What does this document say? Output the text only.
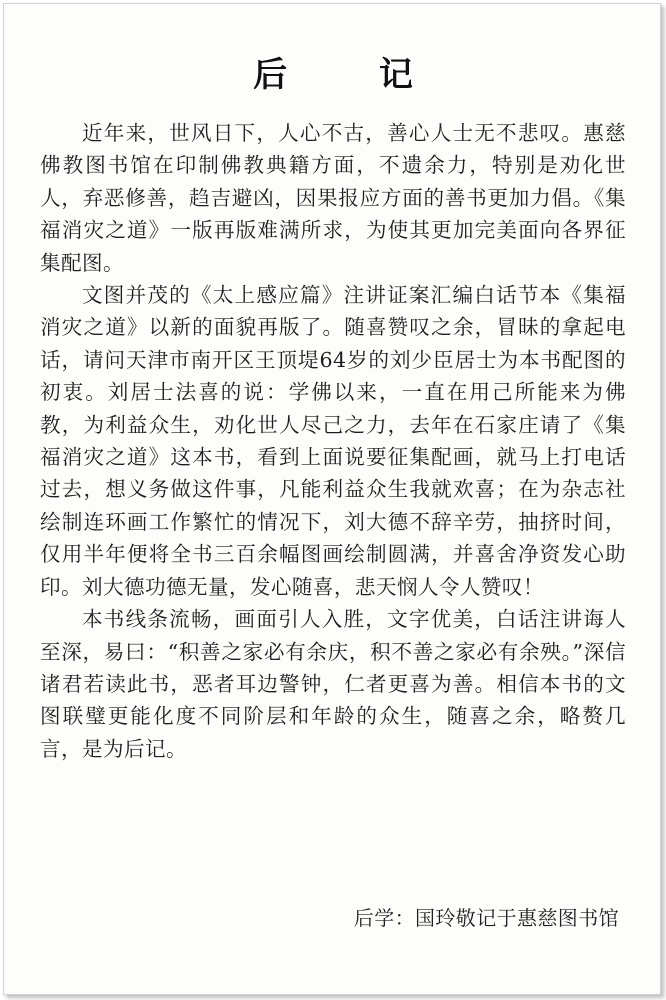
后 记

近年来，世风日下，人心不古，善心人士无不悲叹。惠慈佛教图书馆在印制佛教典籍方面，不遗余力，特别是劝化世人，弃恶修善，趋吉避凶，因果报应方面的善书更加力倡。《集福消灾之道》一版再版难满所求，为使其更加完美面向各界征集配图。

文图并茂的《太上感应篇》注讲证案汇编白话节本《集福消灾之道》以新的面貌再版了。随喜赞叹之余，冒昧的拿起电话，请问天津市南开区王顶堤64岁的刘少臣居士为本书配图的初衷。刘居士法喜的说：学佛以来，一直在用己所能来为佛教，为利益众生，劝化世人尽己之力，去年在石家庄请了《集福消灾之道》这本书，看到上面说要征集配画，就马上打电话过去，想义务做这件事，凡能利益众生我就欢喜；在为杂志社绘制连环画工作繁忙的情况下，刘大德不辞辛劳，抽挤时间，仅用半年便将全书三百余幅图画绘制圆满，并喜舍净资发心助印。刘大德功德无量，发心随喜，悲天悯人令人赞叹！

本书线条流畅，画面引人入胜，文字优美，白话注讲诲人至深，易曰：“积善之家必有余庆，积不善之家必有余殃。”深信诸君若读此书，恶者耳边警钟，仁者更喜为善。相信本书的文图联璧更能化度不同阶层和年龄的众生，随喜之余，略赘几言，是为后记。

后学：国玲敬记于惠慈图书馆
